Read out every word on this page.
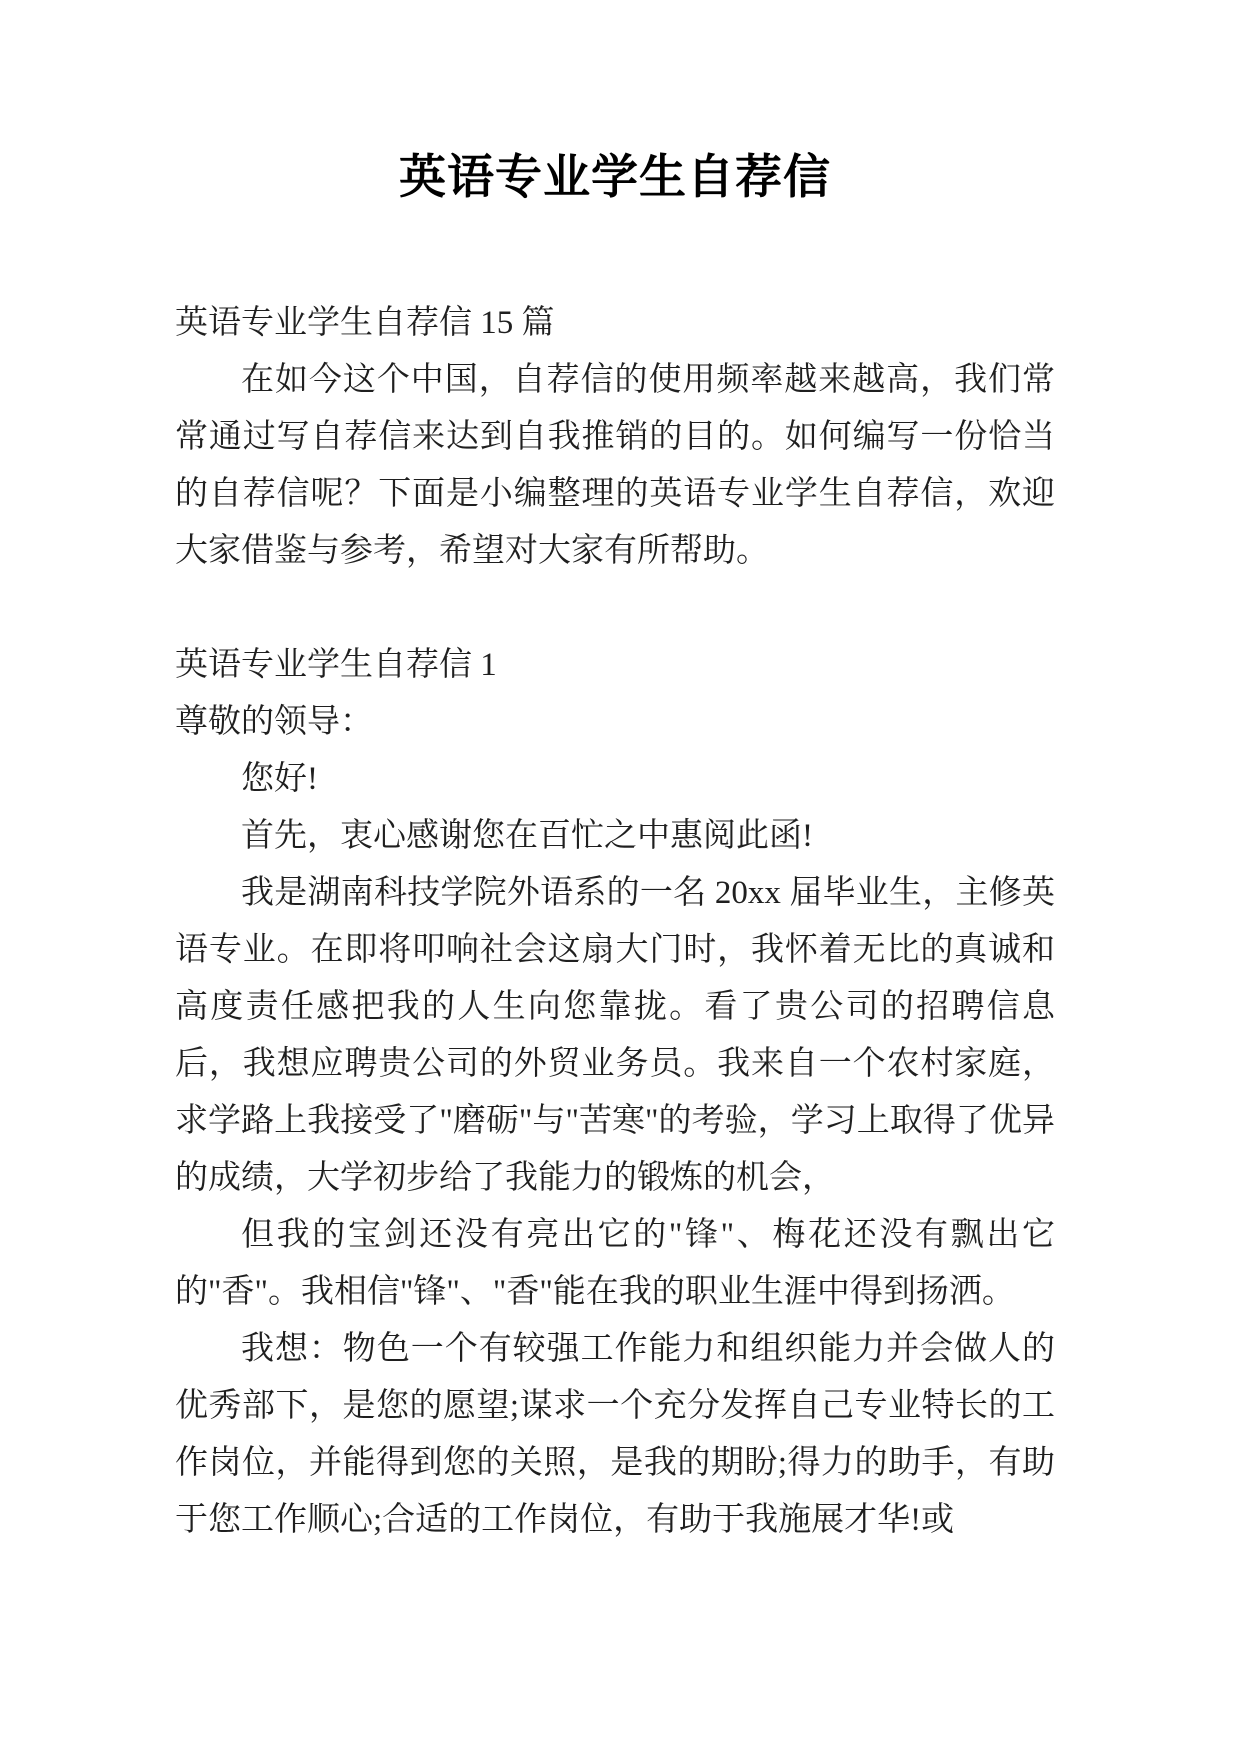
英语专业学生自荐信

英语专业学生自荐信 15 篇

在如今这个中国，自荐信的使用频率越来越高，我们常常通过写自荐信来达到自我推销的目的。如何编写一份恰当的自荐信呢？下面是小编整理的英语专业学生自荐信，欢迎大家借鉴与参考，希望对大家有所帮助。

英语专业学生自荐信 1

尊敬的领导：

您好!

首先，衷心感谢您在百忙之中惠阅此函!

我是湖南科技学院外语系的一名 20xx 届毕业生，主修英语专业。在即将叩响社会这扇大门时，我怀着无比的真诚和高度责任感把我的人生向您靠拢。看了贵公司的招聘信息后，我想应聘贵公司的外贸业务员。我来自一个农村家庭，求学路上我接受了"磨砺"与"苦寒"的考验，学习上取得了优异的成绩，大学初步给了我能力的锻炼的机会，

但我的宝剑还没有亮出它的"锋"、梅花还没有飘出它的"香"。我相信"锋"、"香"能在我的职业生涯中得到扬洒。

我想：物色一个有较强工作能力和组织能力并会做人的优秀部下，是您的愿望;谋求一个充分发挥自己专业特长的工作岗位，并能得到您的关照，是我的期盼;得力的助手，有助于您工作顺心;合适的工作岗位，有助于我施展才华!或
